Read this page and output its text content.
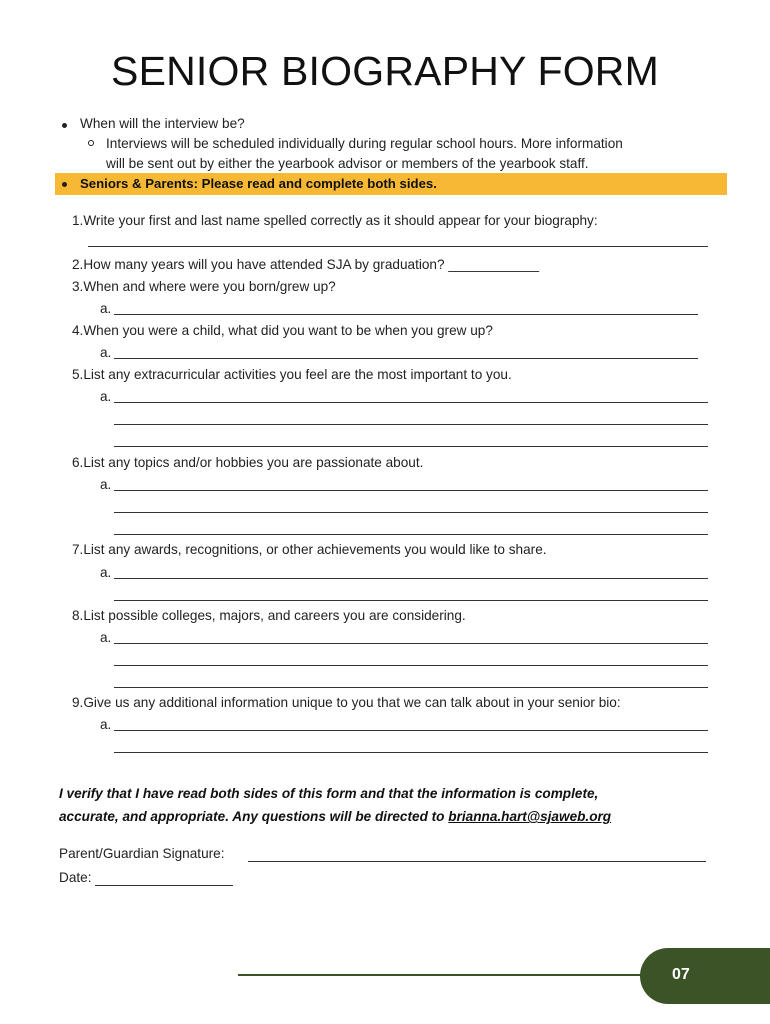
SENIOR BIOGRAPHY FORM
When will the interview be?
Interviews will be scheduled individually during regular school hours. More information
will be sent out by either the yearbook advisor or members of the yearbook staff.
Seniors & Parents: Please read and complete both sides.
1.Write your first and last name spelled correctly as it should appear for your biography:
2.How many years will you have attended SJA by graduation? ____________
3.When and where were you born/grew up?
a.
4.When you were a child, what did you want to be when you grew up?
a.
5.List any extracurricular activities you feel are the most important to you.
a.
6.List any topics and/or hobbies you are passionate about.
a.
7.List any awards, recognitions, or other achievements you would like to share.
a.
8.List possible colleges, majors, and careers you are considering.
a.
9.Give us any additional information unique to you that we can talk about in your senior bio:
a.
I verify that I have read both sides of this form and that the information is complete,
accurate, and appropriate. Any questions will be directed to brianna.hart@sjaweb.org
Parent/Guardian Signature:
Date:
07
